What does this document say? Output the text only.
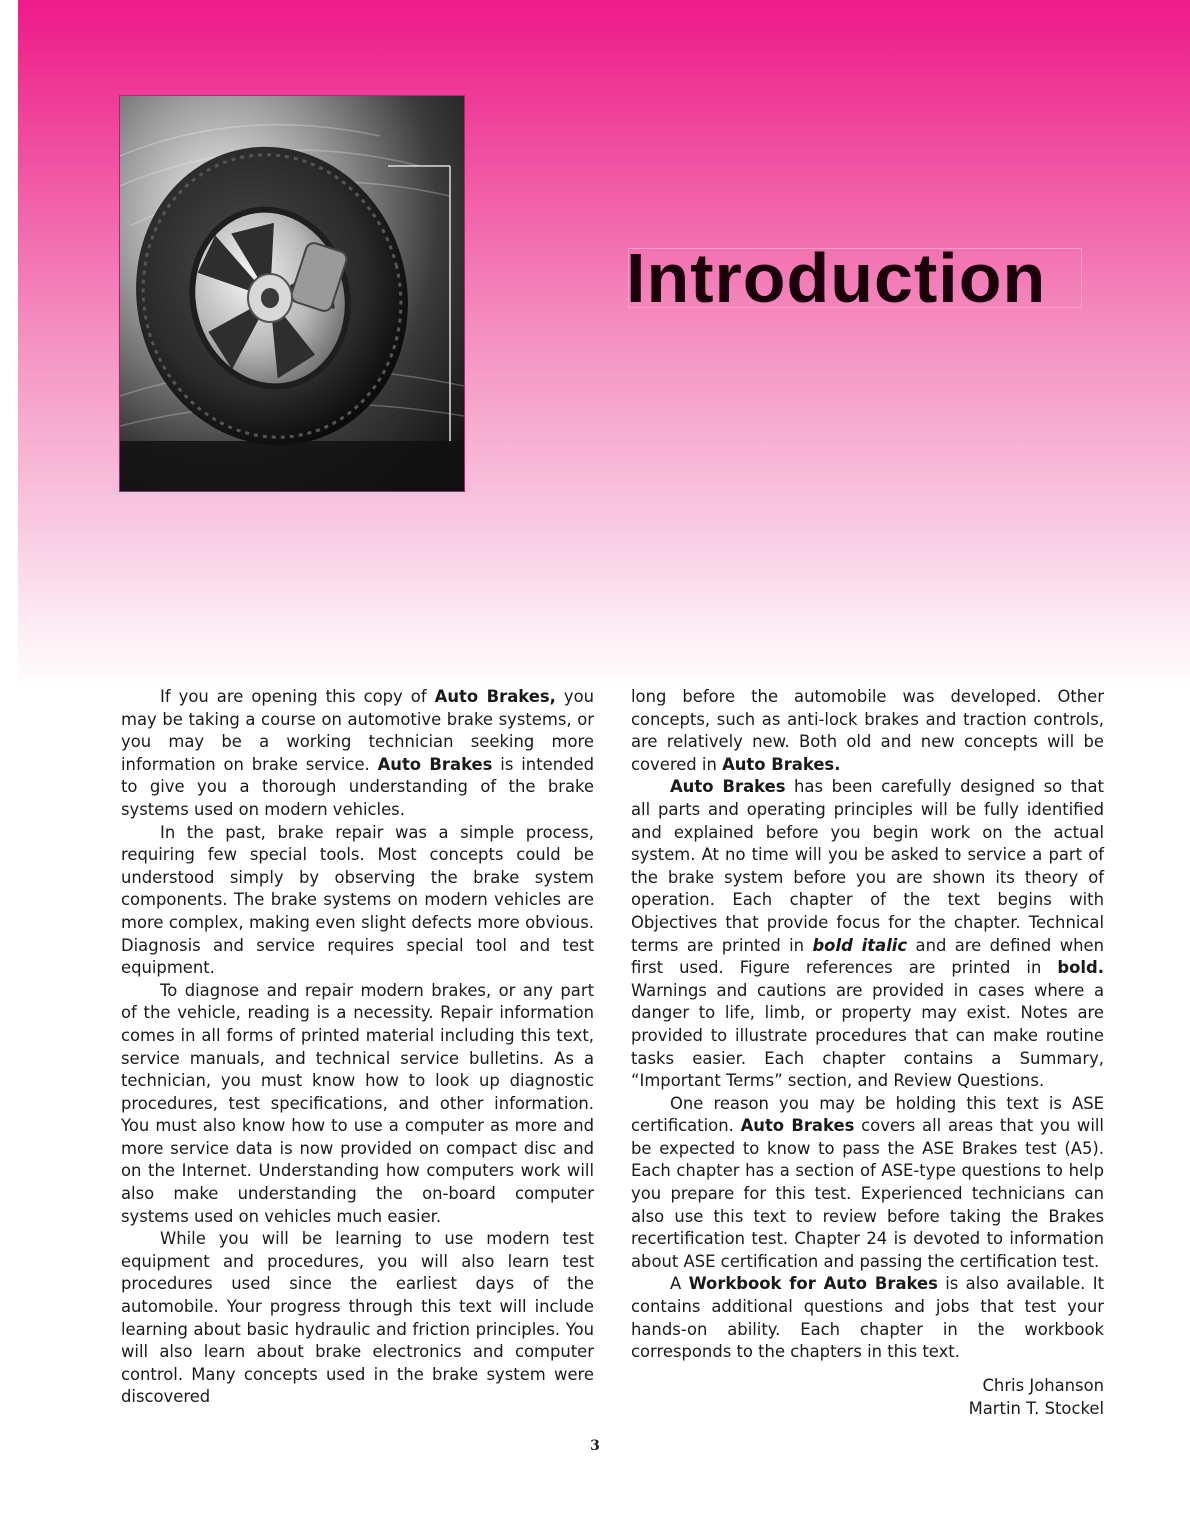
Introduction

If you are opening this copy of Auto Brakes, you may be taking a course on automotive brake systems, or you may be a working technician seeking more information on brake service. Auto Brakes is intended to give you a thorough understanding of the brake systems used on modern vehicles.

In the past, brake repair was a simple process, requiring few special tools. Most concepts could be understood simply by observing the brake system components. The brake systems on modern vehicles are more complex, making even slight defects more obvious. Diagnosis and service requires special tool and test equipment.

To diagnose and repair modern brakes, or any part of the vehicle, reading is a necessity. Repair information comes in all forms of printed material including this text, service manuals, and technical service bulletins. As a technician, you must know how to look up diagnostic procedures, test specifications, and other information. You must also know how to use a computer as more and more service data is now provided on compact disc and on the Internet. Understanding how computers work will also make understanding the on-board computer systems used on vehicles much easier.

While you will be learning to use modern test equipment and procedures, you will also learn test procedures used since the earliest days of the automobile. Your progress through this text will include learning about basic hydraulic and friction principles. You will also learn about brake electronics and computer control. Many concepts used in the brake system were discovered

long before the automobile was developed. Other concepts, such as anti-lock brakes and traction controls, are relatively new. Both old and new concepts will be covered in Auto Brakes.

Auto Brakes has been carefully designed so that all parts and operating principles will be fully identified and explained before you begin work on the actual system. At no time will you be asked to service a part of the brake system before you are shown its theory of operation. Each chapter of the text begins with Objectives that provide focus for the chapter. Technical terms are printed in bold italic and are defined when first used. Figure references are printed in bold. Warnings and cautions are provided in cases where a danger to life, limb, or property may exist. Notes are provided to illustrate procedures that can make routine tasks easier. Each chapter contains a Summary, “Important Terms” section, and Review Questions.

One reason you may be holding this text is ASE certification. Auto Brakes covers all areas that you will be expected to know to pass the ASE Brakes test (A5). Each chapter has a section of ASE-type questions to help you prepare for this test. Experienced technicians can also use this text to review before taking the Brakes recertification test. Chapter 24 is devoted to information about ASE certification and passing the certification test.

A Workbook for Auto Brakes is also available. It contains additional questions and jobs that test your hands-on ability. Each chapter in the workbook corresponds to the chapters in this text.

Chris Johanson
Martin T. Stockel
3
